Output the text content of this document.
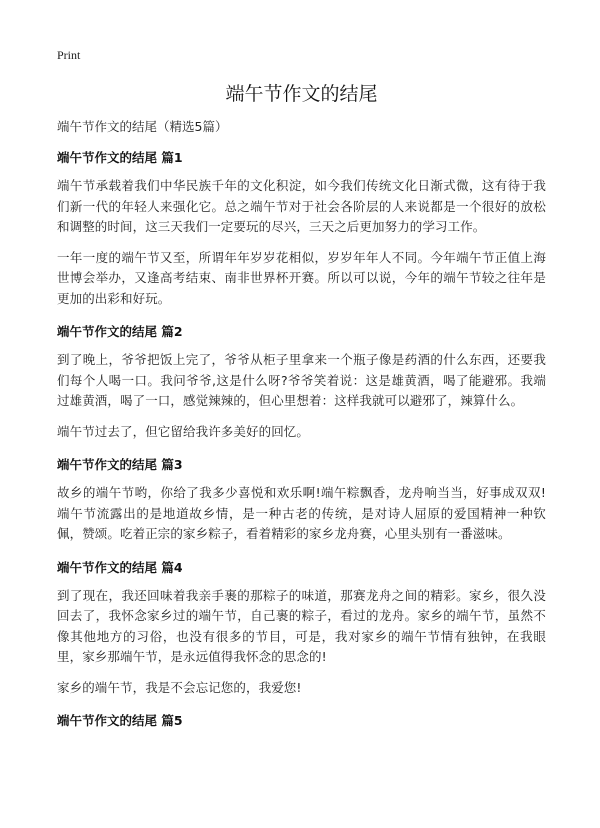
Print
端午节作文的结尾

端午节作文的结尾（精选5篇）

端午节作文的结尾 篇1

端午节承载着我们中华民族千年的文化积淀，如今我们传统文化日渐式微，这有待于我们新一代的年轻人来强化它。总之端午节对于社会各阶层的人来说都是一个很好的放松和调整的时间，这三天我们一定要玩的尽兴，三天之后更加努力的学习工作。

一年一度的端午节又至，所谓年年岁岁花相似，岁岁年年人不同。今年端午节正值上海世博会举办，又逢高考结束、南非世界杯开赛。所以可以说，今年的端午节较之往年是更加的出彩和好玩。

端午节作文的结尾 篇2

到了晚上，爷爷把饭上完了，爷爷从柜子里拿来一个瓶子像是药酒的什么东西，还要我们每个人喝一口。我问爷爷,这是什么呀?爷爷笑着说：这是雄黄酒，喝了能避邪。我端过雄黄酒，喝了一口，感觉辣辣的，但心里想着：这样我就可以避邪了，辣算什么。

端午节过去了，但它留给我许多美好的回忆。

端午节作文的结尾 篇3

故乡的端午节哟，你给了我多少喜悦和欢乐啊!端午粽飘香，龙舟响当当，好事成双双!端午节流露出的是地道故乡情，是一种古老的传统，是对诗人屈原的爱国精神一种钦佩，赞颂。吃着正宗的家乡粽子，看着精彩的家乡龙舟赛，心里头别有一番滋味。

端午节作文的结尾 篇4

到了现在，我还回味着我亲手裹的那粽子的味道，那赛龙舟之间的精彩。家乡，很久没回去了，我怀念家乡过的端午节，自己裹的粽子，看过的龙舟。家乡的端午节，虽然不像其他地方的习俗，也没有很多的节目，可是，我对家乡的端午节情有独钟，在我眼里，家乡那端午节，是永远值得我怀念的思念的!

家乡的端午节，我是不会忘记您的，我爱您!

端午节作文的结尾 篇5
